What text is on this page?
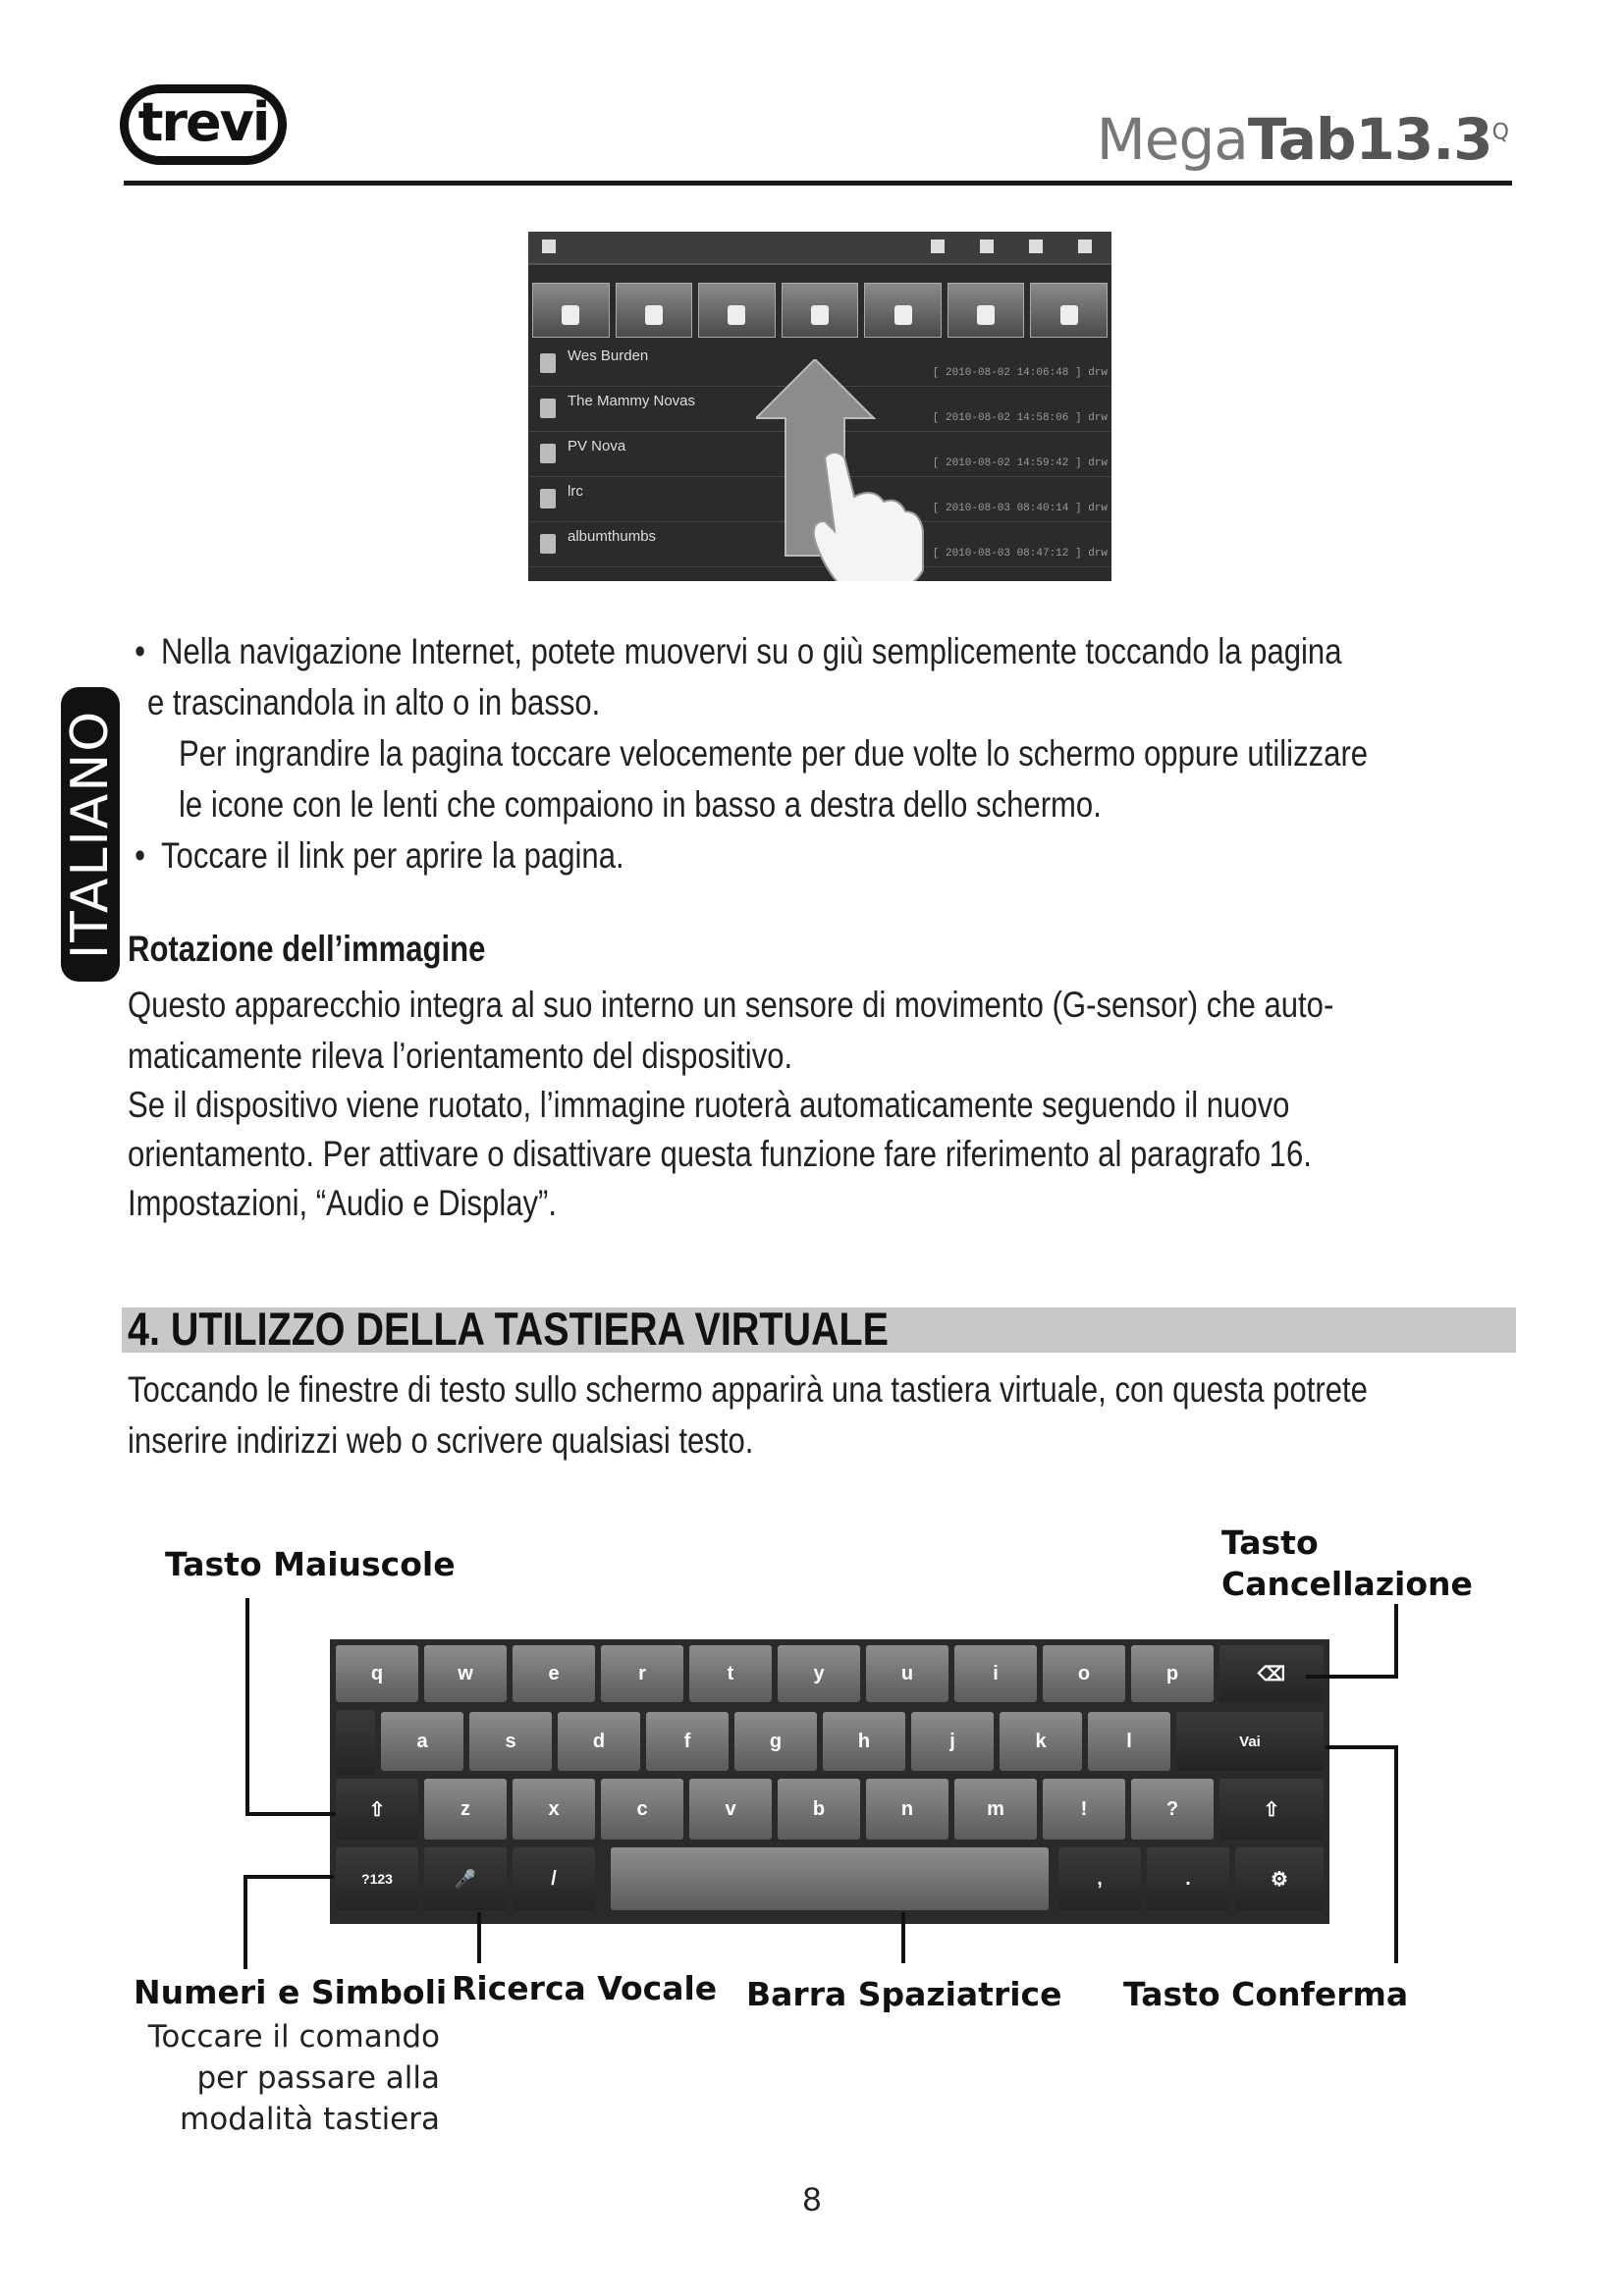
trevi	$MegaTab13.3^Q$
Wes Burden
[ 2010-08-02 14:06:48 ] drw
The Mammy Novas
[ 2010-08-02 14:58:06 ] drw
PV Nova
[ 2010-08-02 14:59:42 ] drw
lrc
[ 2010-08-03 08:40:14 ] drw
albumthumbs
[ 2010-08-03 08:47:12 ] drw
ITALIANO
• Nella navigazione Internet, potete muovervi su o giù semplicemente toccando la pagina
e trascinandola in alto o in basso.
Per ingrandire la pagina toccare velocemente per due volte lo schermo oppure utilizzare
le icone con le lenti che compaiono in basso a destra dello schermo.
• Toccare il link per aprire la pagina.
Rotazione dell’immagine
Questo apparecchio integra al suo interno un sensore di movimento (G-sensor) che auto-
maticamente rileva l’orientamento del dispositivo.
Se il dispositivo viene ruotato, l’immagine ruoterà automaticamente seguendo il nuovo
orientamento. Per attivare o disattivare questa funzione fare riferimento al paragrafo 16.
Impostazioni, “Audio e Display”.
4. UTILIZZO DELLA TASTIERA VIRTUALE
Toccando le finestre di testo sullo schermo apparirà una tastiera virtuale, con questa potrete
inserire indirizzi web o scrivere qualsiasi testo.
Tasto Maiuscole
Tasto
Cancellazione
q	w	e	r	t	y	u	i	o	p	⌫
a	s	d	f	g	h	j	k	l	Vai
⇧	z	x	c	v	b	n	m	!	?	⇧
?123	🎤	/	,	.	⚙
Numeri e Simboli
Toccare il comando
per passare alla
modalità tastiera
Ricerca Vocale Barra Spaziatrice Tasto Conferma
8
